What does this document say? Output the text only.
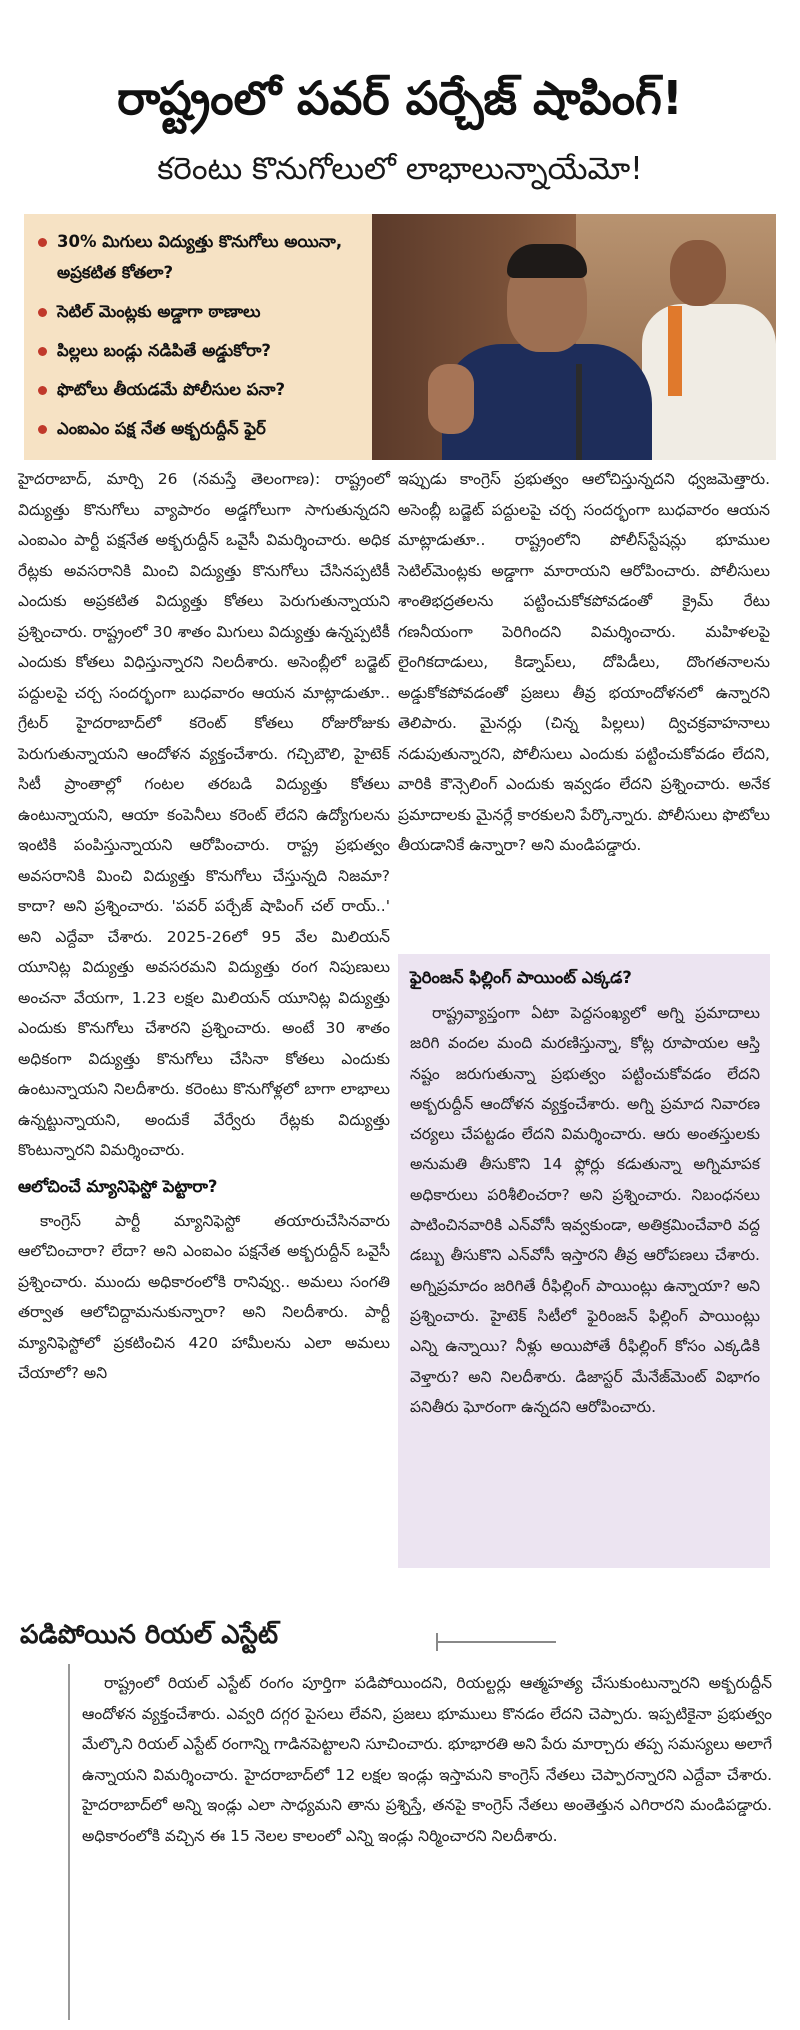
రాష్ట్రంలో పవర్ పర్చేజ్ షాపింగ్!
కరెంటు కొనుగోలులో లాభాలున్నాయేమో!
30% మిగులు విద్యుత్తు కొనుగోలు అయినా, అప్రకటిత కోతలా?
సెటిల్ మెంట్లకు అడ్డాగా ఠాణాలు
పిల్లలు బండ్లు నడిపితే అడ్డుకోరా?
ఫొటోలు తీయడమే పోలీసుల పనా?
ఎంఐఎం పక్ష నేత అక్బరుద్దీన్ ఫైర్

హైదరాబాద్, మార్చి 26 (నమస్తే తెలంగాణ): రాష్ట్రంలో విద్యుత్తు కొనుగోలు వ్యాపారం అడ్డగోలుగా సాగుతున్నదని ఎంఐఎం పార్టీ పక్షనేత అక్బరుద్దీన్ ఒవైసీ విమర్శించారు. అధిక రేట్లకు అవసరానికి మించి విద్యుత్తు కొనుగోలు చేసినప్పటికీ ఎందుకు అప్రకటిత విద్యుత్తు కోతలు పెరుగుతున్నాయని ప్రశ్నించారు. రాష్ట్రంలో 30 శాతం మిగులు విద్యుత్తు ఉన్నప్పటికీ ఎందుకు కోతలు విధిస్తున్నారని నిలదీశారు. అసెంబ్లీలో బడ్జెట్ పద్దులపై చర్చ సందర్భంగా బుధవారం ఆయన మాట్లాడుతూ.. గ్రేటర్ హైదరాబాద్‌లో కరెంట్ కోతలు రోజురోజుకు పెరుగుతున్నాయని ఆందోళన వ్యక్తంచేశారు. గచ్చిబౌలి, హైటెక్ సిటీ ప్రాంతాల్లో గంటల తరబడి విద్యుత్తు కోతలు ఉంటున్నాయని, ఆయా కంపెనీలు కరెంట్ లేదని ఉద్యోగులను ఇంటికి పంపిస్తున్నాయని ఆరోపించారు. రాష్ట్ర ప్రభుత్వం అవసరానికి మించి విద్యుత్తు కొనుగోలు చేస్తున్నది నిజమా? కాదా? అని ప్రశ్నించారు. 'పవర్ పర్చేజ్ షాపింగ్ చల్ రాయ్..' అని ఎద్దేవా చేశారు. 2025-26లో 95 వేల మిలియన్ యూనిట్ల విద్యుత్తు అవసరమని విద్యుత్తు రంగ నిపుణులు అంచనా వేయగా, 1.23 లక్షల మిలియన్ యూనిట్ల విద్యుత్తు ఎందుకు కొనుగోలు చేశారని ప్రశ్నించారు. అంటే 30 శాతం అధికంగా విద్యుత్తు కొనుగోలు చేసినా కోతలు ఎందుకు ఉంటున్నాయని నిలదీశారు. కరెంటు కొనుగోళ్లలో బాగా లాభాలు ఉన్నట్టున్నాయని, అందుకే వేర్వేరు రేట్లకు విద్యుత్తు కొంటున్నారని విమర్శించారు.

ఆలోచించే మ్యానిఫెస్టో పెట్టారా?

కాంగ్రెస్ పార్టీ మ్యానిఫెస్టో తయారుచేసినవారు ఆలోచించారా? లేదా? అని ఎంఐఎం పక్షనేత అక్బరుద్దీన్ ఒవైసీ ప్రశ్నించారు. ముందు అధికారంలోకి రానివ్వు.. అమలు సంగతి తర్వాత ఆలోచిద్దామనుకున్నారా? అని నిలదీశారు. పార్టీ మ్యానిఫెస్టోలో ప్రకటించిన 420 హామీలను ఎలా అమలు చేయాలో? అని

ఇప్పుడు కాంగ్రెస్ ప్రభుత్వం ఆలోచిస్తున్నదని ధ్వజమెత్తారు. అసెంబ్లీ బడ్జెట్ పద్దులపై చర్చ సందర్భంగా బుధవారం ఆయన మాట్లాడుతూ.. రాష్ట్రంలోని పోలీస్‌స్టేషన్లు భూముల సెటిల్‌మెంట్లకు అడ్డాగా మారాయని ఆరోపించారు. పోలీసులు శాంతిభద్రతలను పట్టించుకోకపోవడంతో క్రైమ్ రేటు గణనీయంగా పెరిగిందని విమర్శించారు. మహిళలపై లైంగికదాడులు, కిడ్నాప్‌లు, దోపిడీలు, దొంగతనాలను అడ్డుకోకపోవడంతో ప్రజలు తీవ్ర భయాందోళనలో ఉన్నారని తెలిపారు. మైనర్లు (చిన్న పిల్లలు) ద్విచక్రవాహనాలు నడుపుతున్నారని, పోలీసులు ఎందుకు పట్టించుకోవడం లేదని, వారికి కౌన్సెలింగ్ ఎందుకు ఇవ్వడం లేదని ప్రశ్నించారు. అనేక ప్రమాదాలకు మైనర్లే కారకులని పేర్కొన్నారు. పోలీసులు ఫొటోలు తీయడానికే ఉన్నారా? అని మండిపడ్డారు.

ఫైరింజన్ ఫిల్లింగ్ పాయింట్ ఎక్కడ?

రాష్ట్రవ్యాప్తంగా ఏటా పెద్దసంఖ్యలో అగ్ని ప్రమాదాలు జరిగి వందల మంది మరణిస్తున్నా, కోట్ల రూపాయల ఆస్తి నష్టం జరుగుతున్నా ప్రభుత్వం పట్టించుకోవడం లేదని అక్బరుద్దీన్ ఆందోళన వ్యక్తంచేశారు. అగ్ని ప్రమాద నివారణ చర్యలు చేపట్టడం లేదని విమర్శించారు. ఆరు అంతస్తులకు అనుమతి తీసుకొని 14 ఫ్లోర్లు కడుతున్నా అగ్నిమాపక అధికారులు పరిశీలించరా? అని ప్రశ్నించారు. నిబంధనలు పాటించినవారికి ఎన్‌వోసీ ఇవ్వకుండా, అతిక్రమించేవారి వద్ద డబ్బు తీసుకొని ఎన్‌వోసీ ఇస్తారని తీవ్ర ఆరోపణలు చేశారు. అగ్నిప్రమాదం జరిగితే రీఫిల్లింగ్ పాయింట్లు ఉన్నాయా? అని ప్రశ్నించారు. హైటెక్ సిటీలో ఫైరింజన్ ఫిల్లింగ్ పాయింట్లు ఎన్ని ఉన్నాయి? నీళ్లు అయిపోతే రీఫిల్లింగ్ కోసం ఎక్కడికి వెళ్తారు? అని నిలదీశారు. డిజాస్టర్ మేనేజ్‌మెంట్ విభాగం పనితీరు ఘోరంగా ఉన్నదని ఆరోపించారు.

పడిపోయిన రియల్ ఎస్టేట్

రాష్ట్రంలో రియల్ ఎస్టేట్ రంగం పూర్తిగా పడిపోయిందని, రియల్టర్లు ఆత్మహత్య చేసుకుంటున్నారని అక్బరుద్దీన్ ఆందోళన వ్యక్తంచేశారు. ఎవ్వరి దగ్గర పైసలు లేవని, ప్రజలు భూములు కొనడం లేదని చెప్పారు. ఇప్పటికైనా ప్రభుత్వం మేల్కొని రియల్ ఎస్టేట్ రంగాన్ని గాడినపెట్టాలని సూచించారు. భూభారతి అని పేరు మార్చారు తప్ప సమస్యలు అలాగే ఉన్నాయని విమర్శించారు. హైదరాబాద్‌లో 12 లక్షల ఇండ్లు ఇస్తామని కాంగ్రెస్ నేతలు చెప్పారన్నారని ఎద్దేవా చేశారు. హైదరాబాద్‌లో అన్ని ఇండ్లు ఎలా సాధ్యమని తాను ప్రశ్నిస్తే, తనపై కాంగ్రెస్ నేతలు అంతెత్తున ఎగిరారని మండిపడ్డారు. అధికారంలోకి వచ్చిన ఈ 15 నెలల కాలంలో ఎన్ని ఇండ్లు నిర్మించారని నిలదీశారు.
